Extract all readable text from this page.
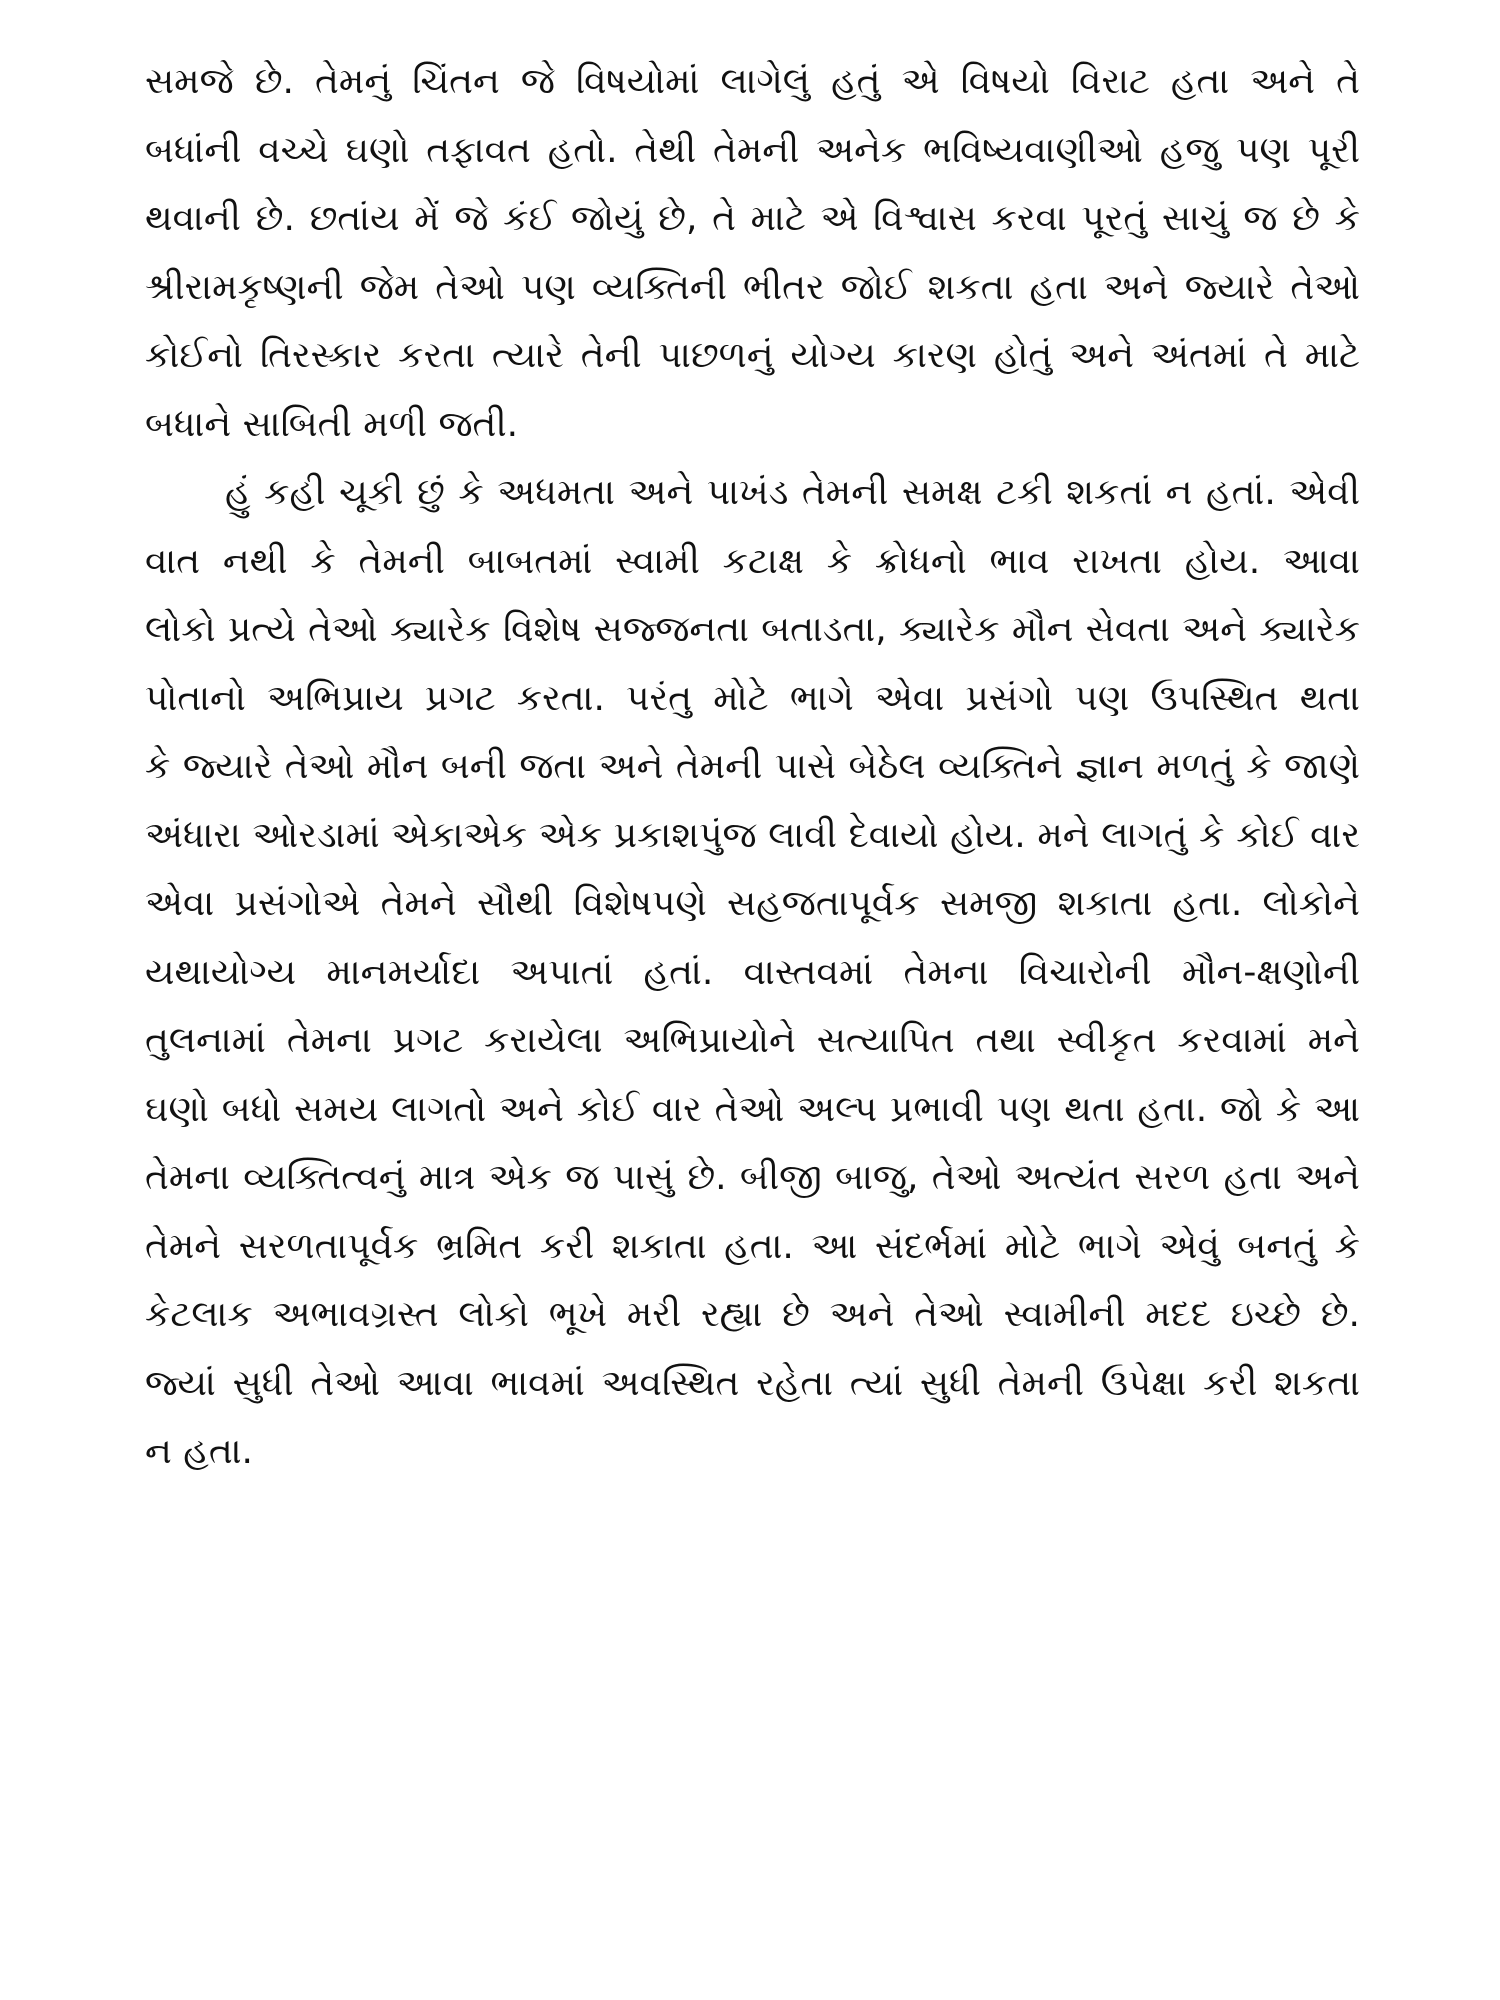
સમજે છે. તેમનું ચિંતન જે વિષયોમાં લાગેલું હતું એ વિષયો વિરાટ હતા અને તે
બધાંની વચ્ચે ઘણો તફાવત હતો. તેથી તેમની અનેક ભવિષ્યવાણીઓ હજુ પણ પૂરી
થવાની છે. છતાંય મેં જે કંઈ જોયું છે, તે માટે એ વિશ્વાસ કરવા પૂરતું સાચું જ છે કે
શ્રીરામકૃષ્ણની જેમ તેઓ પણ વ્યક્તિની ભીતર જોઈ શકતા હતા અને જ્યારે તેઓ
કોઈનો તિરસ્કાર કરતા ત્યારે તેની પાછળનું યોગ્ય કારણ હોતું અને અંતમાં તે માટે
બધાને સાબિતી મળી જતી.
હું કહી ચૂકી છું કે અધમતા અને પાખંડ તેમની સમક્ષ ટકી શકતાં ન હતાં. એવી
વાત નથી કે તેમની બાબતમાં સ્વામી કટાક્ષ કે ક્રોધનો ભાવ રાખતા હોય. આવા
લોકો પ્રત્યે તેઓ ક્યારેક વિશેષ સજ્જનતા બતાડતા, ક્યારેક મૌન સેવતા અને ક્યારેક
પોતાનો અભિપ્રાય પ્રગટ કરતા. પરંતુ મોટે ભાગે એવા પ્રસંગો પણ ઉપસ્થિત થતા
કે જ્યારે તેઓ મૌન બની જતા અને તેમની પાસે બેઠેલ વ્યક્તિને જ્ઞાન મળતું કે જાણે
અંધારા ઓરડામાં એકાએક એક પ્રકાશપુંજ લાવી દેવાયો હોય. મને લાગતું કે કોઈ વાર
એવા પ્રસંગોએ તેમને સૌથી વિશેષપણે સહજતાપૂર્વક સમજી શકાતા હતા. લોકોને
યથાયોગ્ય માનમર્યાદા અપાતાં હતાં. વાસ્તવમાં તેમના વિચારોની મૌન-ક્ષણોની
તુલનામાં તેમના પ્રગટ કરાયેલા અભિપ્રાયોને સત્યાપિત તથા સ્વીકૃત કરવામાં મને
ઘણો બધો સમય લાગતો અને કોઈ વાર તેઓ અલ્પ પ્રભાવી પણ થતા હતા. જો કે આ
તેમના વ્યક્તિત્વનું માત્ર એક જ પાસું છે. બીજી બાજુ, તેઓ અત્યંત સરળ હતા અને
તેમને સરળતાપૂર્વક ભ્રમિત કરી શકાતા હતા. આ સંદર્ભમાં મોટે ભાગે એવું બનતું કે
કેટલાક અભાવગ્રસ્ત લોકો ભૂખે મરી રહ્યા છે અને તેઓ સ્વામીની મદદ ઇચ્છે છે.
જ્યાં સુધી તેઓ આવા ભાવમાં અવસ્થિત રહેતા ત્યાં સુધી તેમની ઉપેક્ષા કરી શકતા
ન હતા.
